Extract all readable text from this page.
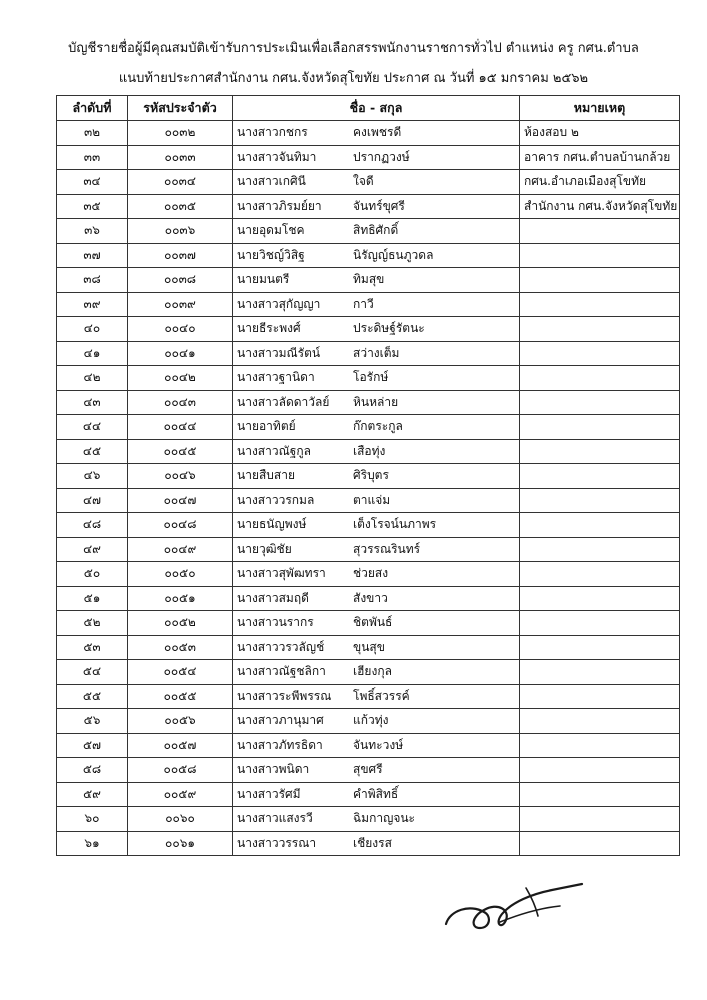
บัญชีรายชื่อผู้มีคุณสมบัติเข้ารับการประเมินเพื่อเลือกสรรพนักงานราชการทั่วไป ตำแหน่ง ครู กศน.ตำบล
แนบท้ายประกาศสำนักงาน กศน.จังหวัดสุโขทัย ประกาศ ณ วันที่ ๑๕ มกราคม ๒๕๖๒
ลำดับที่	รหัสประจำตัว	ชื่อ - สกุล	หมายเหตุ
๓๒	๐๐๓๒	นางสาวกชกร คงเพชรดี	ห้องสอบ ๒
๓๓	๐๐๓๓	นางสาวจันทิมา ปรากฏวงษ์	อาคาร กศน.ตำบลบ้านกล้วย
๓๔	๐๐๓๔	นางสาวเกศินี ใจดี	กศน.อำเภอเมืองสุโขทัย
๓๕	๐๐๓๕	นางสาวภิรมย์ยา จันทร์ขุศรี	สำนักงาน กศน.จังหวัดสุโขทัย
๓๖	๐๐๓๖	นายอุดมโชค สิทธิศักดิ์	
๓๗	๐๐๓๗	นายวิชญ์วิสิฐ นิรัญญ์ธนภูวดล	
๓๘	๐๐๓๘	นายมนตรี ทิมสุข	
๓๙	๐๐๓๙	นางสาวสุกัญญา กาวี	
๔๐	๐๐๔๐	นายธีระพงศ์ ประดิษฐ์รัตนะ	
๔๑	๐๐๔๑	นางสาวมณีรัตน์ สว่างเต็ม	
๔๒	๐๐๔๒	นางสาวฐานิดา โอรักษ์	
๔๓	๐๐๔๓	นางสาวลัดดาวัลย์ หินหล่าย	
๔๔	๐๐๔๔	นายอาทิตย์ ก๊กตระกูล	
๔๕	๐๐๔๕	นางสาวณัฐกูล เสือทุ่ง	
๔๖	๐๐๔๖	นายสืบสาย ศิริบุตร	
๔๗	๐๐๔๗	นางสาววรกมล ตาแจ่ม	
๔๘	๐๐๔๘	นายธนัญพงษ์ เต็งโรจน์นภาพร	
๔๙	๐๐๔๙	นายวุฒิชัย สุวรรณรินทร์	
๕๐	๐๐๕๐	นางสาวสุพัฒทรา ช่วยสง	
๕๑	๐๐๕๑	นางสาวสมฤดี สังขาว	
๕๒	๐๐๕๒	นางสาวนรากร ชิตพันธ์	
๕๓	๐๐๕๓	นางสาววรวลัญช์ ขุนสุข	
๕๔	๐๐๕๔	นางสาวณัฐชลิกา เฮียงกุล	
๕๕	๐๐๕๕	นางสาวระพีพรรณ โพธิ์สวรรค์	
๕๖	๐๐๕๖	นางสาวภานุมาศ แก้วทุ่ง	
๕๗	๐๐๕๗	นางสาวภัทรธิดา จันทะวงษ์	
๕๘	๐๐๕๘	นางสาวพนิดา สุขศรี	
๕๙	๐๐๕๙	นางสาวรัศมี คำพิสิทธิ์	
๖๐	๐๐๖๐	นางสาวแสงรวี ฉิมกาญจนะ	
๖๑	๐๐๖๑	นางสาววรรณา เชียงรส	
